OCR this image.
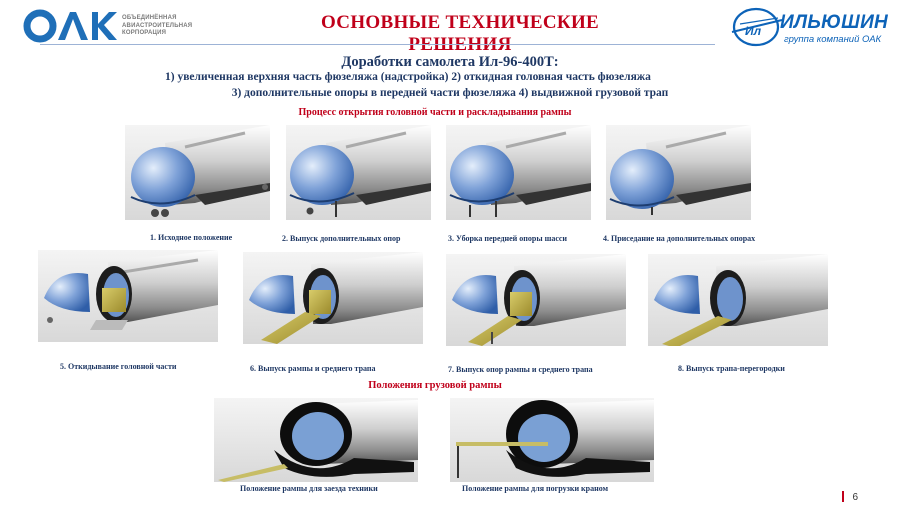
ОБЪЕДИНЁННАЯ
АВИАСТРОИТЕЛЬНАЯ
КОРПОРАЦИЯ	ОСНОВНЫЕ ТЕХНИЧЕСКИЕ РЕШЕНИЯ
Ил ИЛЬЮШИН
группа компаний ОАК
Доработки самолета Ил-96-400Т:
1) увеличенная верхняя часть фюзеляжа (надстройка) 2) откидная головная часть фюзеляжа
3) дополнительные опоры в передней части фюзеляжа 4) выдвижной грузовой трап
Процесс открытия головной части и раскладывания рампы
1. Исходное положение	2. Выпуск дополнительных опор	3. Уборка передней опоры шасси	4. Приседание на дополнительных опорах
5. Откидывание головной части	6. Выпуск рампы и среднего трапа	7. Выпуск опор рампы и среднего трапа	8. Выпуск трапа-перегородки
Положения грузовой рампы
Положение рампы для заезда техники	Положение рампы для погрузки краном
6
